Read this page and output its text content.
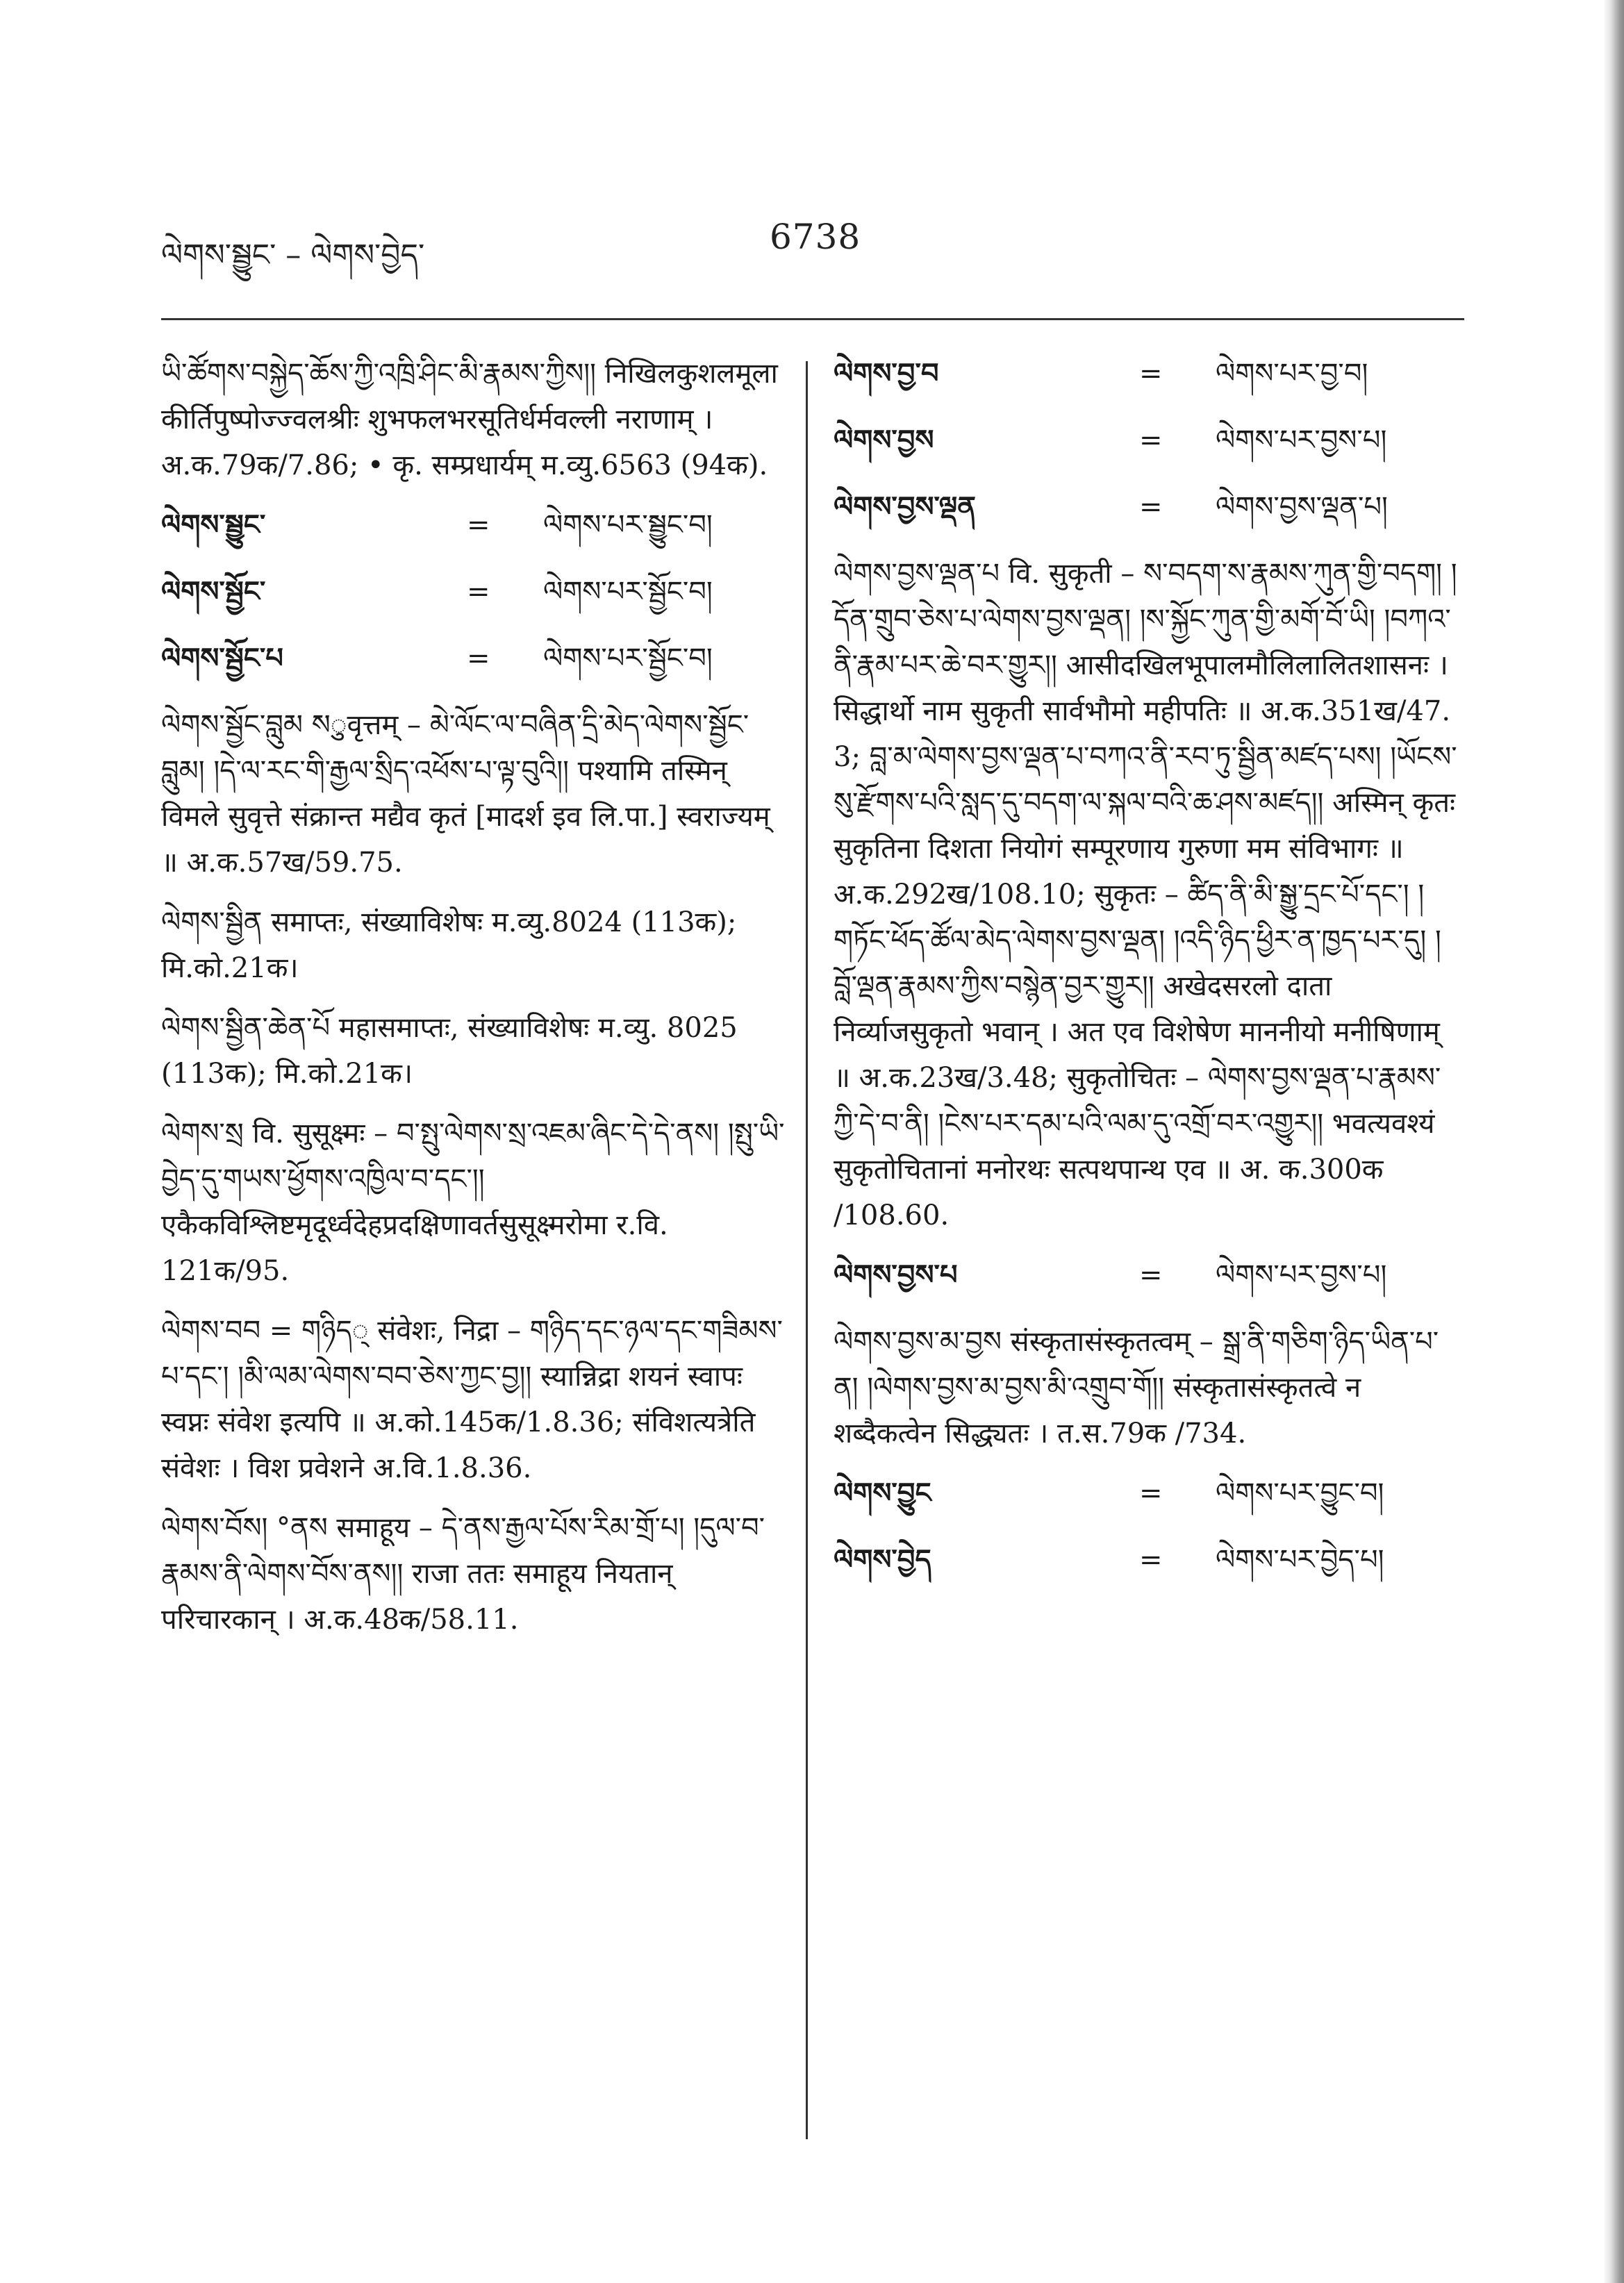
ལེགས་སྦྱུང་ – ལེགས་བྱེད་	6738
ཡི་ཚོགས་བསྐྱེད་ཆོས་ཀྱི་འཁྲི་ཤིང་མི་རྣམས་ཀྱིས།། निखिलकुशलमूला कीर्तिपुष्पोज्ज्वलश्रीः शुभफलभरसूतिर्धर्मवल्ली नराणाम् । अ.क.79क/7.86; • कृ. सम्प्रधार्यम् म.व्यु.6563 (94क).
ལེགས་སྦྱུང་	=	ལེགས་པར་སྦྱུང་བ།
ལེགས་སྦྱོང་	=	ལེགས་པར་སྦྱོང་བ།
ལེགས་སྦྱོང་པ	=	ལེགས་པར་སྦྱོང་བ།
ལེགས་སྦྱོང་བླུམ སुवृत्तम् – མེ་ལོང་ལ་བཞིན་དྲི་མེད་ལེགས་སྦྱོང་བླུམ། །དེ་ལ་རང་གི་རྒྱལ་སྲིད་འཕོས་པ་ལྟ་བུའི།། पश्यामि तस्मिन् विमले सुवृत्ते संक्रान्त मद्यैव कृतं [मादर्श इव लि.पा.] स्वराज्यम् ॥ अ.क.57ख/59.75.
ལེགས་སྦྱིན समाप्तः, संख्याविशेषः म.व्यु.8024 (113क); मि.को.21क।
ལེགས་སྦྱིན་ཆེན་པོ महासमाप्तः, संख्याविशेषः म.व्यु. 8025 (113क); मि.को.21क।
ལེགས་སྲ वि. सुसूक्ष्मः – བ་སྤུ་ལེགས་སྲ་འཇམ་ཞིང་དེ་དེ་ནས། །སྤུ་ཡི་བྱེད་དུ་གཡས་ཕྱོགས་འཁྱིལ་བ་དང་།། एकैकविश्लिष्टमृदूर्ध्वदेहप्रदक्षिणावर्तसुसूक्ष्मरोमा र.वि. 121क/95.
ལེགས་བབ = གཉིད् संवेशः, निद्रा – གཉིད་དང་ཉལ་དང་གཟིམས་པ་དང་། །མི་ལམ་ལེགས་བབ་ཅེས་ཀྱང་བྱ།། स्यान्निद्रा शयनं स्वापः स्वप्नः संवेश इत्यपि ॥ अ.को.145क/1.8.36; संविशत्यत्रेति संवेशः । विश प्रवेशने अ.वि.1.8.36.
ལེགས་བོས། °ནས समाहूय – དེ་ནས་རྒྱལ་པོས་རིམ་གྲོ་པ། །དུལ་བ་རྣམས་ནི་ལེགས་བོས་ནས།། राजा ततः समाहूय नियतान् परिचारकान् । अ.क.48क/58.11.
ལེགས་བྱ་བ	=	ལེགས་པར་བྱ་བ།
ལེགས་བྱས	=	ལེགས་པར་བྱས་པ།
ལེགས་བྱས་ལྡན	=	ལེགས་བྱས་ལྡན་པ།
ལེགས་བྱས་ལྡན་པ वि. सुकृती – ས་བདག་ས་རྣམས་ཀུན་གྱི་བདག། །དོན་གྲུབ་ཅེས་པ་ལེགས་བྱས་ལྡན། །ས་སྐྱོང་ཀུན་གྱི་མགོ་བོ་ཡི། །བཀའ་ནི་རྣམ་པར་ཆེ་བར་གྱུར།། आसीदखिलभूपालमौलिलालितशासनः । सिद्धार्थो नाम सुकृती सार्वभौमो महीपतिः ॥ अ.क.351ख/47. 3; བླ་མ་ལེགས་བྱས་ལྡན་པ་བཀའ་ནི་རབ་ཏུ་སྦྱིན་མཛད་པས། །ཡོངས་སུ་རྫོགས་པའི་སླད་དུ་བདག་ལ་སྐལ་བའི་ཆ་ཤས་མཛད།། अस्मिन् कृतः सुकृतिना दिशता नियोगं सम्पूरणाय गुरुणा मम संविभागः ॥ अ.क.292ख/108.10; सुकृतः – ཚིད་ནི་མི་སྒྱུ་དྲང་པོ་དང་། །གཏོང་ཕོད་ཚོལ་མེད་ལེགས་བྱས་ལྡན། །འདི་ཉིད་ཕྱིར་ན་ཁྱད་པར་དུ། །བློ་ལྡན་རྣམས་ཀྱིས་བསྙེན་བྱར་གྱུར།། अखेदसरलो दाता निर्व्याजसुकृतो भवान् । अत एव विशेषेण माननीयो मनीषिणाम् ॥ अ.क.23ख/3.48; सुकृतोचितः – ལེགས་བྱས་ལྡན་པ་རྣམས་ཀྱི་དེ་བ་ནི། །ངེས་པར་དམ་པའི་ལམ་དུ་འགྲོ་བར་འགྱུར།། भवत्यवश्यं सुकृतोचितानां मनोरथः सत्पथपान्थ एव ॥ अ. क.300क /108.60.
ལེགས་བྱས་པ	=	ལེགས་པར་བྱས་པ།
ལེགས་བྱས་མ་བྱས संस्कृतासंस्कृतत्वम् – སྒྲ་ནི་གཅིག་ཉིད་ཡིན་པ་ན། །ལེགས་བྱས་མ་བྱས་མི་འགྲུབ་གོ།། संस्कृतासंस्कृतत्वे न शब्दैकत्वेन सिद्ध्यतः । त.स.79क /734.
ལེགས་བྱུང	=	ལེགས་པར་བྱུང་བ།
ལེགས་བྱེད	=	ལེགས་པར་བྱེད་པ།
